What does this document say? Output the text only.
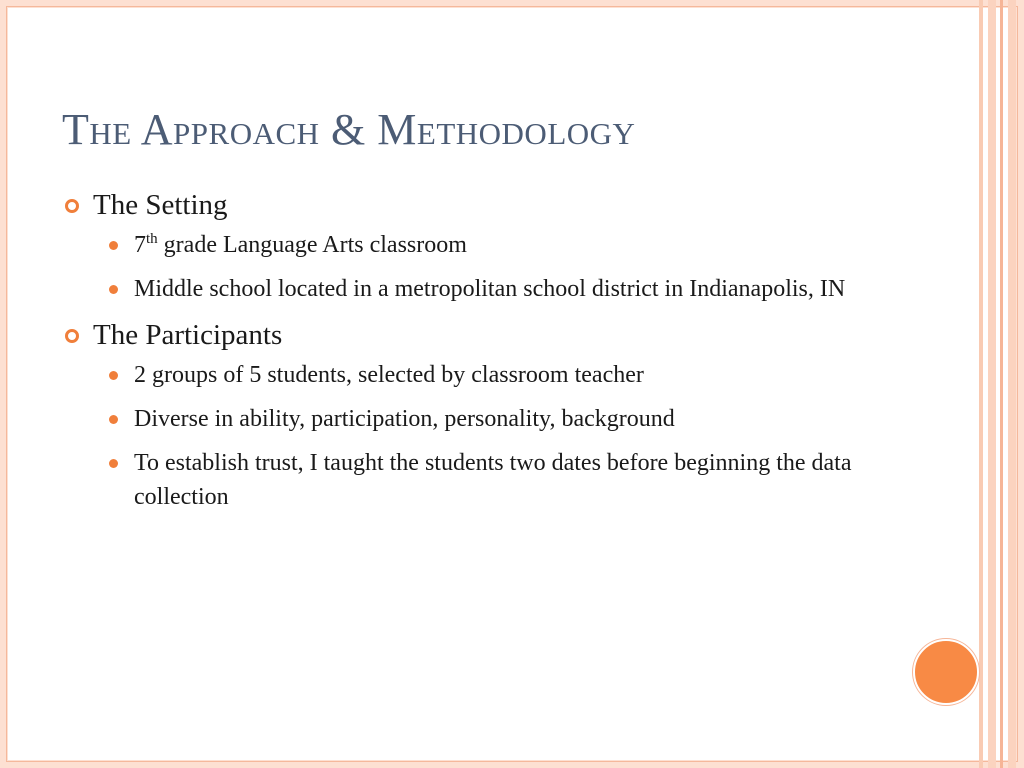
The Approach & Methodology
The Setting
7th grade Language Arts classroom
Middle school located in a metropolitan school district in Indianapolis, IN
The Participants
2 groups of 5 students, selected by classroom teacher
Diverse in ability, participation, personality, background
To establish trust, I taught the students two dates before beginning the data collection
